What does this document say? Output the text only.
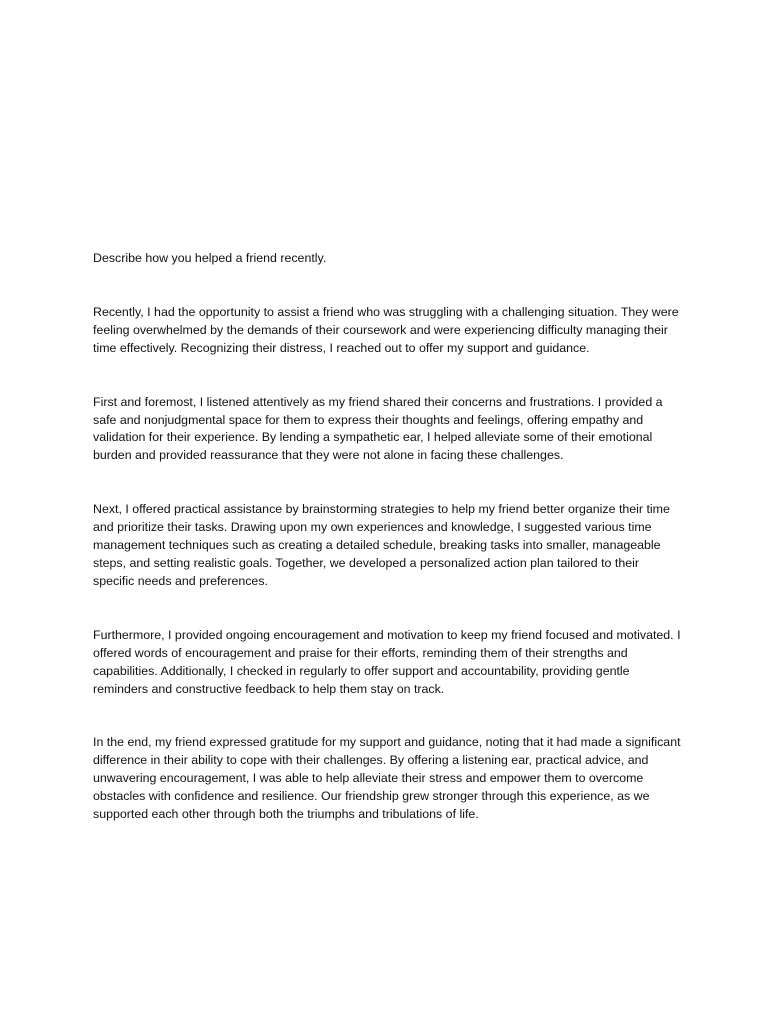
Describe how you helped a friend recently.

Recently, I had the opportunity to assist a friend who was struggling with a challenging situation. They were feeling overwhelmed by the demands of their coursework and were experiencing difficulty managing their time effectively. Recognizing their distress, I reached out to offer my support and guidance.

First and foremost, I listened attentively as my friend shared their concerns and frustrations. I provided a safe and nonjudgmental space for them to express their thoughts and feelings, offering empathy and validation for their experience. By lending a sympathetic ear, I helped alleviate some of their emotional burden and provided reassurance that they were not alone in facing these challenges.

Next, I offered practical assistance by brainstorming strategies to help my friend better organize their time and prioritize their tasks. Drawing upon my own experiences and knowledge, I suggested various time management techniques such as creating a detailed schedule, breaking tasks into smaller, manageable steps, and setting realistic goals. Together, we developed a personalized action plan tailored to their specific needs and preferences.

Furthermore, I provided ongoing encouragement and motivation to keep my friend focused and motivated. I offered words of encouragement and praise for their efforts, reminding them of their strengths and capabilities. Additionally, I checked in regularly to offer support and accountability, providing gentle reminders and constructive feedback to help them stay on track.

In the end, my friend expressed gratitude for my support and guidance, noting that it had made a significant difference in their ability to cope with their challenges. By offering a listening ear, practical advice, and unwavering encouragement, I was able to help alleviate their stress and empower them to overcome obstacles with confidence and resilience. Our friendship grew stronger through this experience, as we supported each other through both the triumphs and tribulations of life.
